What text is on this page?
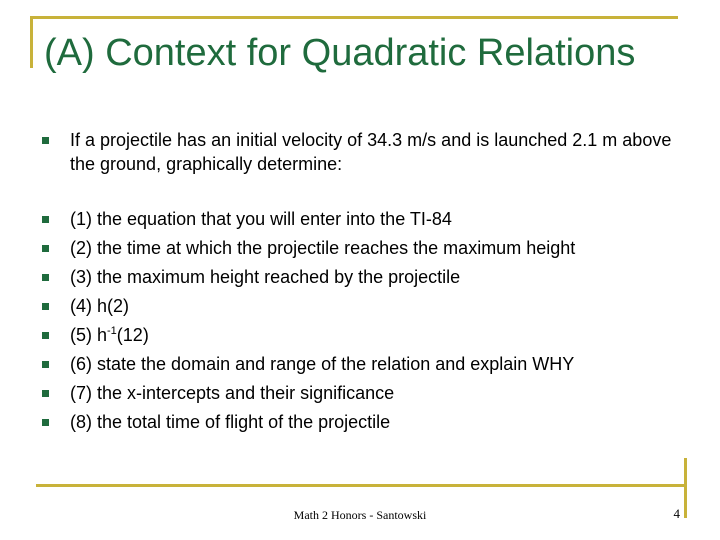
(A) Context for Quadratic Relations
If a projectile has an initial velocity of 34.3 m/s and is launched 2.1 m above the ground, graphically determine:
(1) the equation that you will enter into the TI-84
(2) the time at which the projectile reaches the maximum height
(3) the maximum height reached by the projectile
(4) h(2)
(5) $h^{-1}(12)$
(6) state the domain and range of the relation and explain WHY
(7) the x-intercepts and their significance
(8) the total time of flight of the projectile
Math 2 Honors - Santowski	4
